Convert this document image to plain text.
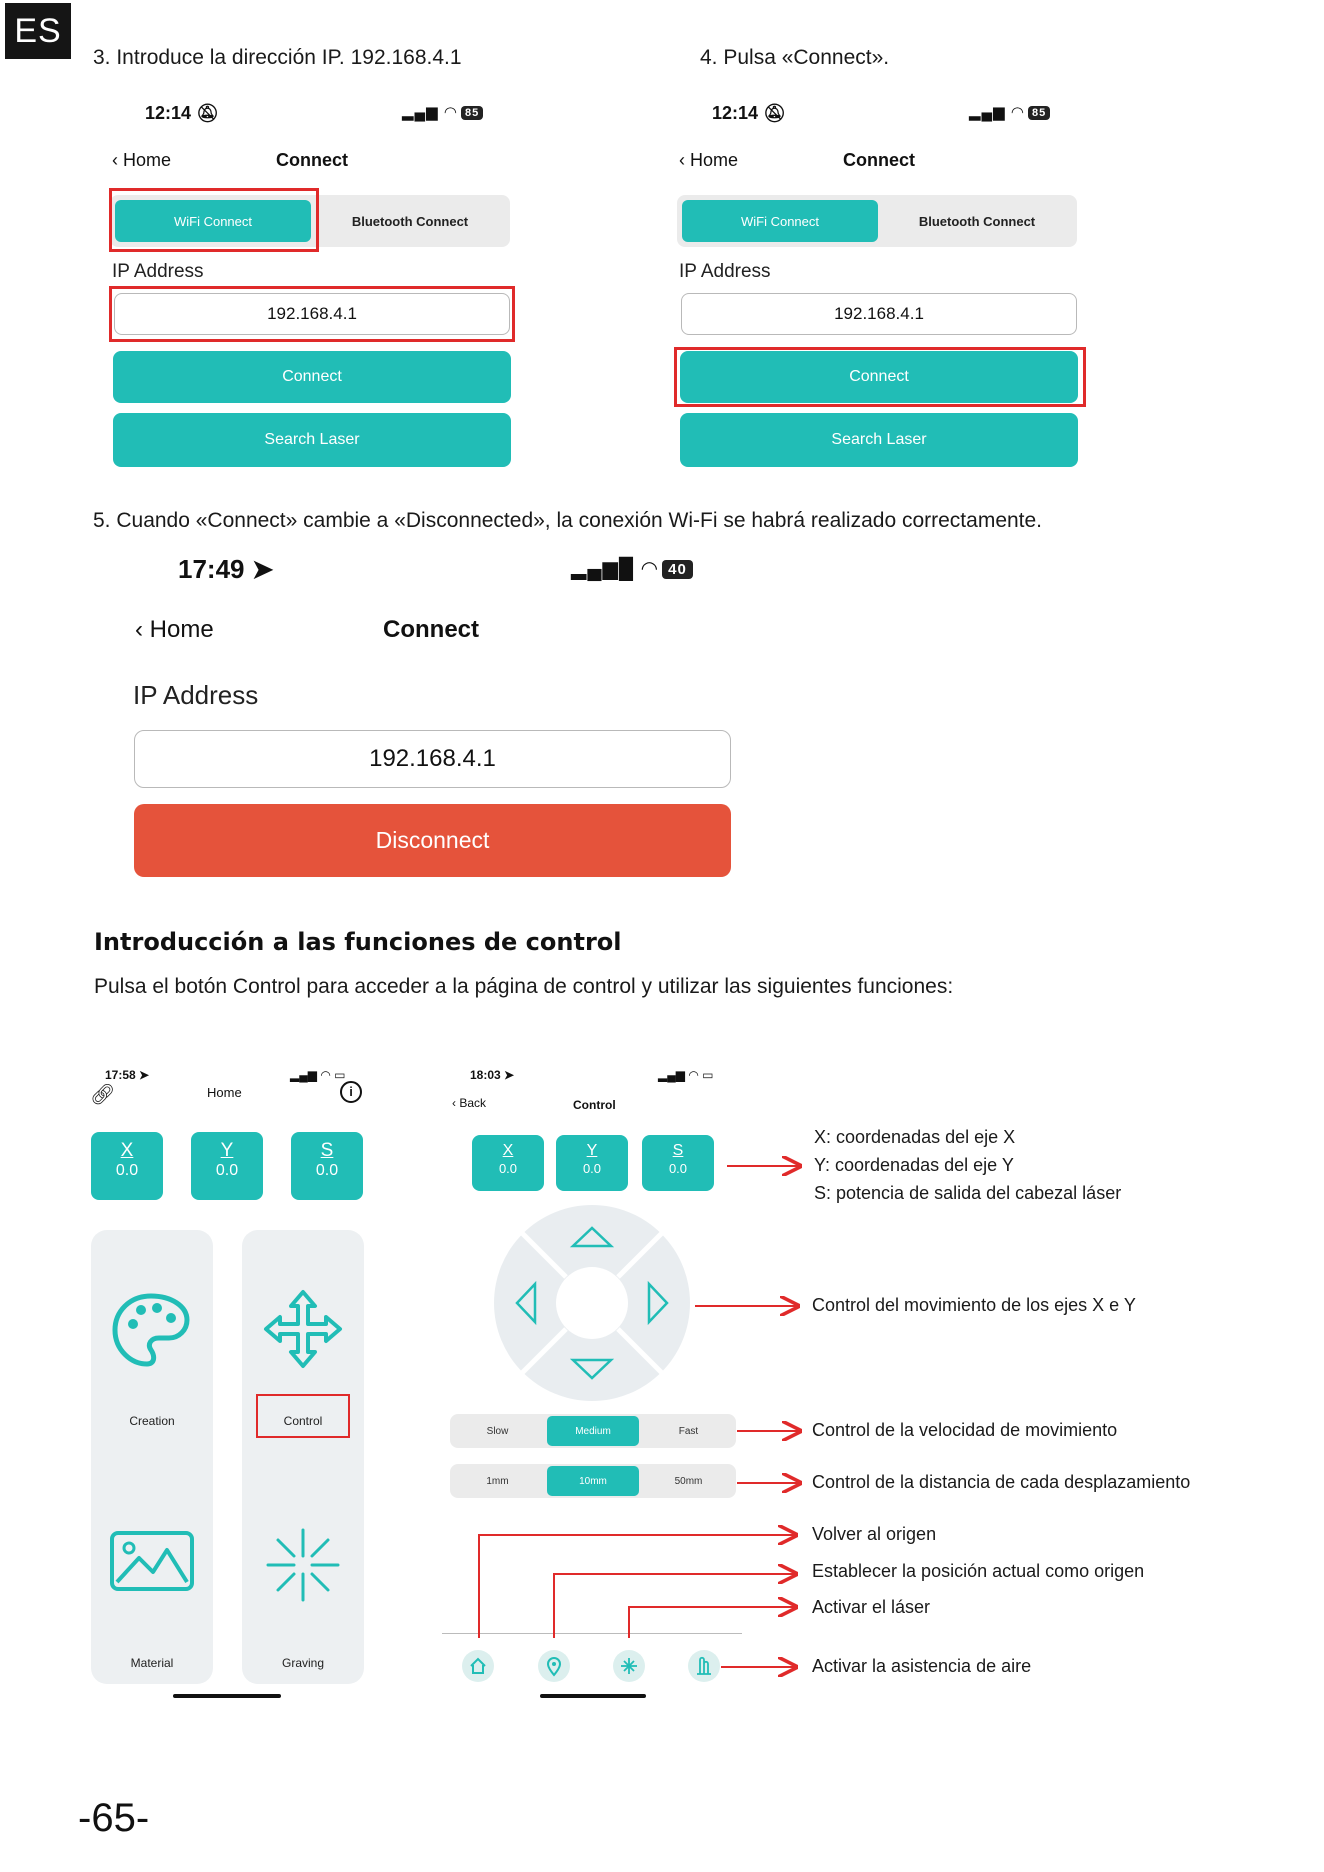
ES
3. Introduce la dirección IP. 192.168.4.1	4. Pulsa «Connect».
12:14 🔕︎	▂▄▆ ◠ 85
‹ Home	Connect
WiFi Connect	Bluetooth Connect
IP Address
192.168.4.1
Connect
Search Laser
12:14 🔕︎	▂▄▆ ◠ 85
‹ Home	Connect
WiFi Connect	Bluetooth Connect
IP Address
192.168.4.1
Connect
Search Laser
5. Cuando «Connect» cambie a «Disconnected», la conexión Wi-Fi se habrá realizado correctamente.
17:49 ➤	▂▄▆█ ◠ 40
‹ Home	Connect
IP Address
192.168.4.1
Disconnect
Introducción a las funciones de control
Pulsa el botón Control para acceder a la página de control y utilizar las siguientes funciones:
17:58 ➤	▂▄▆ ◠ ▭
🔗︎	Home	i
X
0.0
Y
0.0
S
0.0
Creation	Control
Material	Graving
18:03 ➤	▂▄▆ ◠ ▭
‹ Back	Control
X
0.0
Y
0.0
S
0.0
Slow	Medium	Fast
1mm	10mm	50mm
X: coordenadas del eje X
Y: coordenadas del eje Y
S: potencia de salida del cabezal láser
Control del movimiento de los ejes X e Y
Control de la velocidad de movimiento
Control de la distancia de cada desplazamiento
Volver al origen
Establecer la posición actual como origen
Activar el láser
Activar la asistencia de aire
-65-
